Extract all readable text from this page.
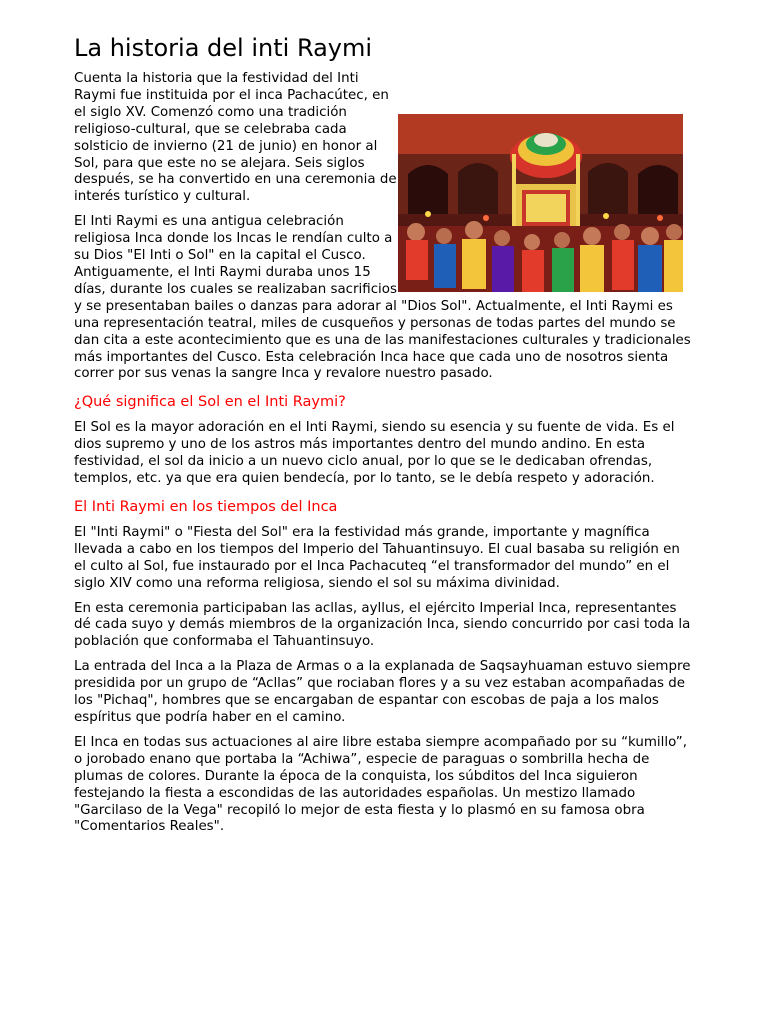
La historia del inti Raymi

Cuenta la historia que la festividad del Inti Raymi fue instituida por el inca Pachacútec, en el siglo XV. Comenzó como una tradición religioso-cultural, que se celebraba cada solsticio de invierno (21 de junio) en honor al Sol, para que este no se alejara. Seis siglos después, se ha convertido en una ceremonia de interés turístico y cultural.

El Inti Raymi es una antigua celebración religiosa Inca donde los Incas le rendían culto a su Dios "El Inti o Sol" en la capital el Cusco. Antiguamente, el Inti Raymi duraba unos 15 días, durante los cuales se realizaban sacrificios y se presentaban bailes o danzas para adorar al "Dios Sol". Actualmente, el Inti Raymi es una representación teatral, miles de cusqueños y personas de todas partes del mundo se dan cita a este acontecimiento que es una de las manifestaciones culturales y tradicionales más importantes del Cusco. Esta celebración Inca hace que cada uno de nosotros sienta correr por sus venas la sangre Inca y revalore nuestro pasado.

¿Qué significa el Sol en el Inti Raymi?

El Sol es la mayor adoración en el Inti Raymi, siendo su esencia y su fuente de vida. Es el dios supremo y uno de los astros más importantes dentro del mundo andino. En esta festividad, el sol da inicio a un nuevo ciclo anual, por lo que se le dedicaban ofrendas, templos, etc. ya que era quien bendecía, por lo tanto, se le debía respeto y adoración.

El Inti Raymi en los tiempos del Inca

El "Inti Raymi" o "Fiesta del Sol" era la festividad más grande, importante y magnífica llevada a cabo en los tiempos del Imperio del Tahuantinsuyo. El cual basaba su religión en el culto al Sol, fue instaurado por el Inca Pachacuteq “el transformador del mundo” en el siglo XIV como una reforma religiosa, siendo el sol su máxima divinidad.

En esta ceremonia participaban las acllas, ayllus, el ejército Imperial Inca, representantes dé cada suyo y demás miembros de la organización Inca, siendo concurrido por casi toda la población que conformaba el Tahuantinsuyo.

La entrada del Inca a la Plaza de Armas o a la explanada de Saqsayhuaman estuvo siempre presidida por un grupo de “Acllas” que rociaban flores y a su vez estaban acompañadas de los "Pichaq", hombres que se encargaban de espantar con escobas de paja a los malos espíritus que podría haber en el camino.

El Inca en todas sus actuaciones al aire libre estaba siempre acompañado por su “kumillo”, o jorobado enano que portaba la “Achiwa”, especie de paraguas o sombrilla hecha de plumas de colores. Durante la época de la conquista, los súbditos del Inca siguieron festejando la fiesta a escondidas de las autoridades españolas. Un mestizo llamado "Garcilaso de la Vega" recopiló lo mejor de esta fiesta y lo plasmó en su famosa obra "Comentarios Reales".
